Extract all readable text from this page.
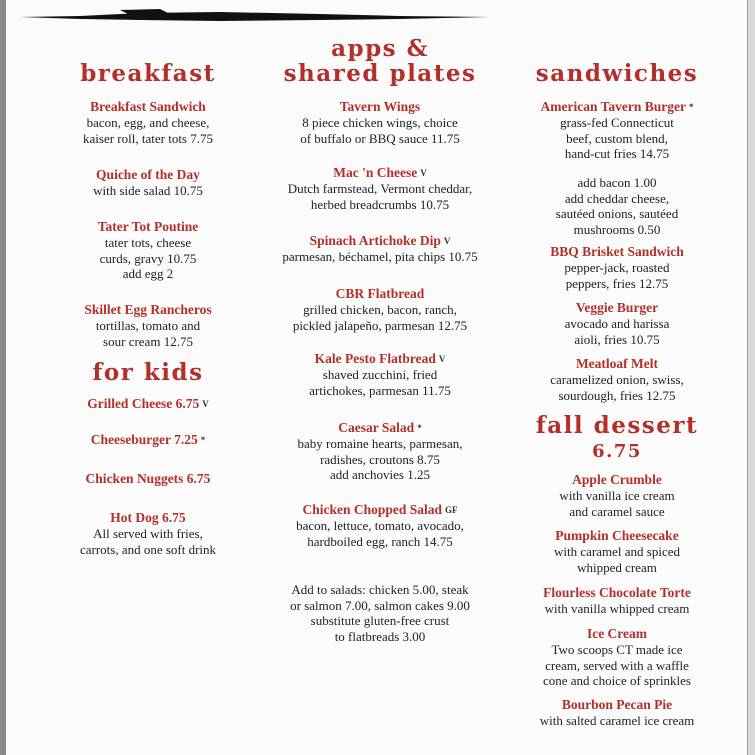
breakfast
for kids
Breakfast Sandwich
bacon, egg, and cheese,
kaiser roll, tater tots 7.75
Quiche of the Day
with side salad 10.75
Tater Tot Poutine
tater tots, cheese
curds, gravy 10.75
add egg 2
Skillet Egg Rancheros
tortillas, tomato and
sour cream 12.75
Grilled Cheese 6.75 $^V$
Cheeseburger 7.25 *
Chicken Nuggets 6.75
Hot Dog 6.75
All served with fries,
carrots, and one soft drink
apps &
shared plates
Tavern Wings
8 piece chicken wings, choice
of buffalo or BBQ sauce 11.75
Mac 'n Cheese $^V$
Dutch farmstead, Vermont cheddar,
herbed breadcrumbs 10.75
Spinach Artichoke Dip $^V$
parmesan, béchamel, pita chips 10.75
CBR Flatbread
grilled chicken, bacon, ranch,
pickled jalapeño, parmesan 12.75
Kale Pesto Flatbread $^V$
shaved zucchini, fried
artichokes, parmesan 11.75
Caesar Salad *
baby romaine hearts, parmesan,
radishes, croutons 8.75
add anchovies 1.25
Chicken Chopped Salad $^{GF}$
bacon, lettuce, tomato, avocado,
hardboiled egg, ranch 14.75
Add to salads: chicken 5.00, steak
or salmon 7.00, salmon cakes 9.00
substitute gluten-free crust
to flatbreads 3.00
sandwiches
fall dessert
6.75
American Tavern Burger *
grass-fed Connecticut
beef, custom blend,
hand-cut fries 14.75
add bacon 1.00
add cheddar cheese,
sautéed onions, sautéed
mushrooms 0.50
BBQ Brisket Sandwich
pepper-jack, roasted
peppers, fries 12.75
Veggie Burger
avocado and harissa
aioli, fries 10.75
Meatloaf Melt
caramelized onion, swiss,
sourdough, fries 12.75
Apple Crumble
with vanilla ice cream
and caramel sauce
Pumpkin Cheesecake
with caramel and spiced
whipped cream
Flourless Chocolate Torte
with vanilla whipped cream
Ice Cream
Two scoops CT made ice
cream, served with a waffle
cone and choice of sprinkles
Bourbon Pecan Pie
with salted caramel ice cream
